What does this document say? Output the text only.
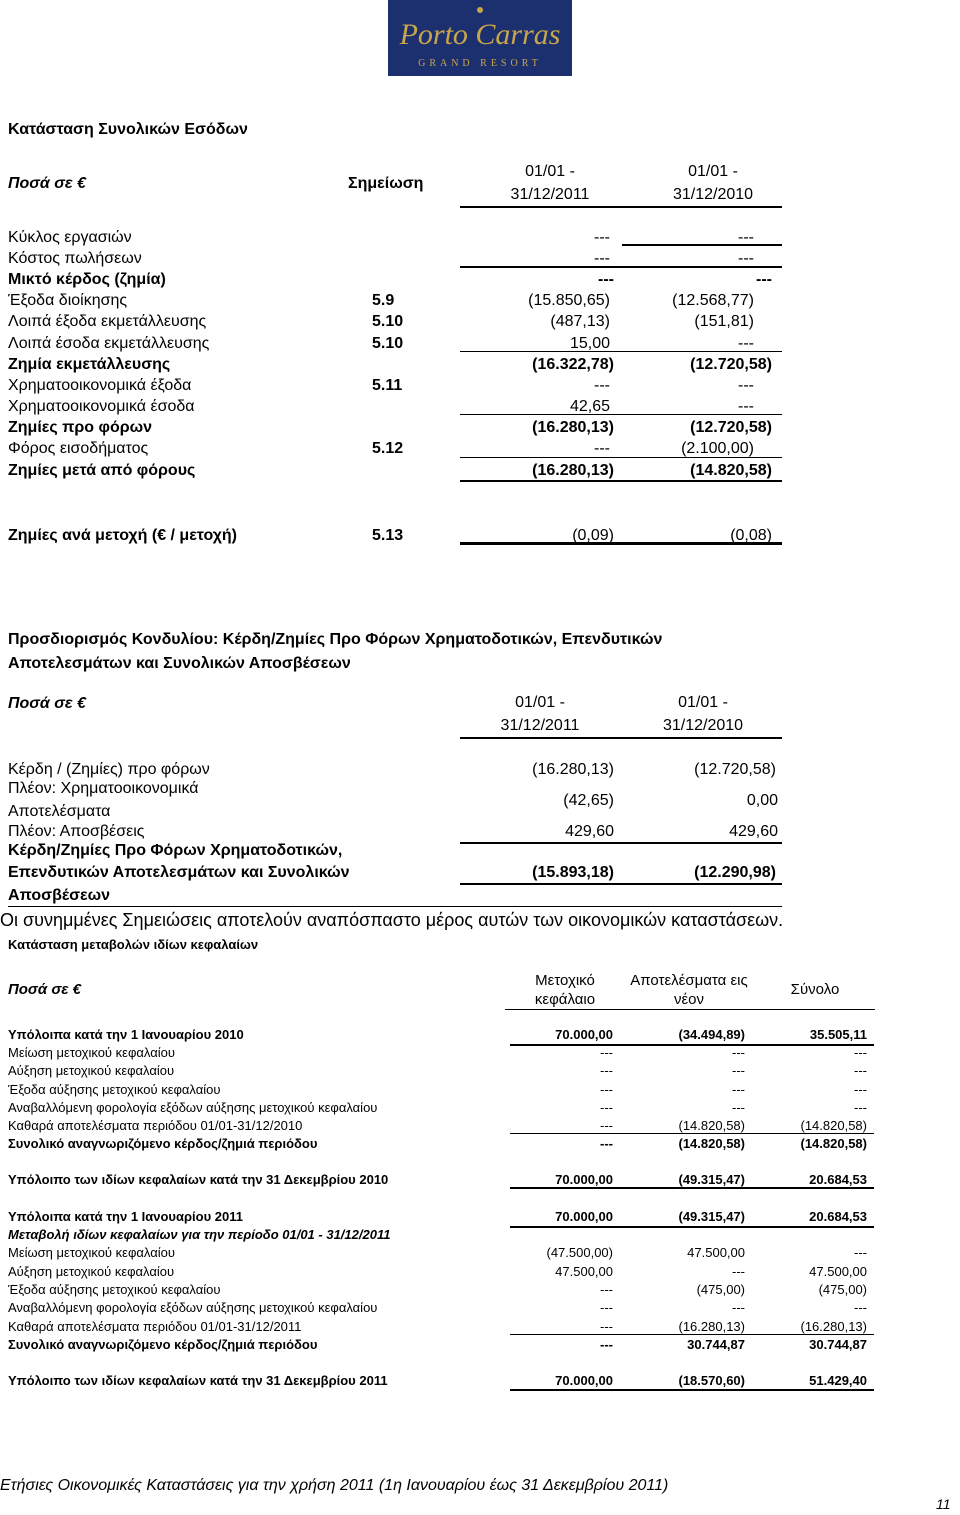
Porto Carras
GRAND RESORT
Κατάσταση Συνολικών Εσόδων
Ποσά σε €	Σημείωση
01/01 -
31/12/2011
01/01 -
31/12/2010
Κύκλος εργασιών	---	---
Κόστος πωλήσεων	---	---
Μικτό κέρδος (ζημία)	---	---
Έξοδα διοίκησης	5.9	(15.850,65)	(12.568,77)
Λοιπά έξοδα εκμετάλλευσης	5.10	(487,13)	(151,81)
Λοιπά έσοδα εκμετάλλευσης	5.10	15,00	---
Ζημία εκμετάλλευσης	(16.322,78)	(12.720,58)
Χρηματοοικονομικά έξοδα	5.11	---	---
Χρηματοοικονομικά έσοδα	42,65	---
Ζημίες προ φόρων	(16.280,13)	(12.720,58)
Φόρος εισοδήματος	5.12	---	(2.100,00)
Ζημίες μετά από φόρους	(16.280,13)	(14.820,58)
Ζημίες ανά μετοχή (€ / μετοχή)	5.13	(0,09)	(0,08)
Προσδιορισμός Κονδυλίου: Κέρδη/Ζημίες Προ Φόρων Χρηματοδοτικών, Επενδυτικών
Αποτελεσμάτων και Συνολικών Αποσβέσεων
Ποσά σε €	01/01 -
31/12/2011
01/01 -
31/12/2010
Κέρδη / (Ζημίες) προ φόρων	(16.280,13)	(12.720,58)
Πλέον: Χρηματοοικονομικά
Αποτελέσματα
(42,65)	0,00
Πλέον: Αποσβέσεις	429,60	429,60
Κέρδη/Ζημίες Προ Φόρων Χρηματοδοτικών,
Επενδυτικών Αποτελεσμάτων και Συνολικών
Αποσβέσεων
(15.893,18)	(12.290,98)
Οι συνημμένες Σημειώσεις αποτελούν αναπόσπαστο μέρος αυτών των οικονομικών καταστάσεων.
Κατάσταση μεταβολών ιδίων κεφαλαίων
Ποσά σε €
Μετοχικό
κεφάλαιο
Αποτελέσματα εις
νέον
Σύνολο
Υπόλοιπα κατά την 1 Ιανουαρίου 2010	70.000,00	(34.494,89)	35.505,11
Μείωση μετοχικού κεφαλαίου	---	---	---
Αύξηση μετοχικού κεφαλαίου	---	---	---
Έξοδα αύξησης μετοχικού κεφαλαίου	---	---	---
Αναβαλλόμενη φορολογία εξόδων αύξησης μετοχικού κεφαλαίου	---	---	---
Καθαρά αποτελέσματα περιόδου 01/01-31/12/2010	---	(14.820,58)	(14.820,58)
Συνολικό αναγνωριζόμενο κέρδος/ζημιά περιόδου	---	(14.820,58)	(14.820,58)
Υπόλοιπο των ιδίων κεφαλαίων κατά την 31 Δεκεμβρίου 2010	70.000,00	(49.315,47)	20.684,53
Υπόλοιπα κατά την 1 Ιανουαρίου 2011	70.000,00	(49.315,47)	20.684,53
Μεταβολή ιδίων κεφαλαίων για την περίοδο 01/01 - 31/12/2011
Μείωση μετοχικού κεφαλαίου	(47.500,00)	47.500,00	---
Αύξηση μετοχικού κεφαλαίου	47.500,00	---	47.500,00
Έξοδα αύξησης μετοχικού κεφαλαίου	---	(475,00)	(475,00)
Αναβαλλόμενη φορολογία εξόδων αύξησης μετοχικού κεφαλαίου	---	---	---
Καθαρά αποτελέσματα περιόδου 01/01-31/12/2011	---	(16.280,13)	(16.280,13)
Συνολικό αναγνωριζόμενο κέρδος/ζημιά περιόδου	---	30.744,87	30.744,87
Υπόλοιπο των ιδίων κεφαλαίων κατά την 31 Δεκεμβρίου 2011	70.000,00	(18.570,60)	51.429,40
Ετήσιες Οικονομικές Καταστάσεις για την χρήση 2011 (1η Ιανουαρίου έως 31 Δεκεμβρίου 2011)
11
